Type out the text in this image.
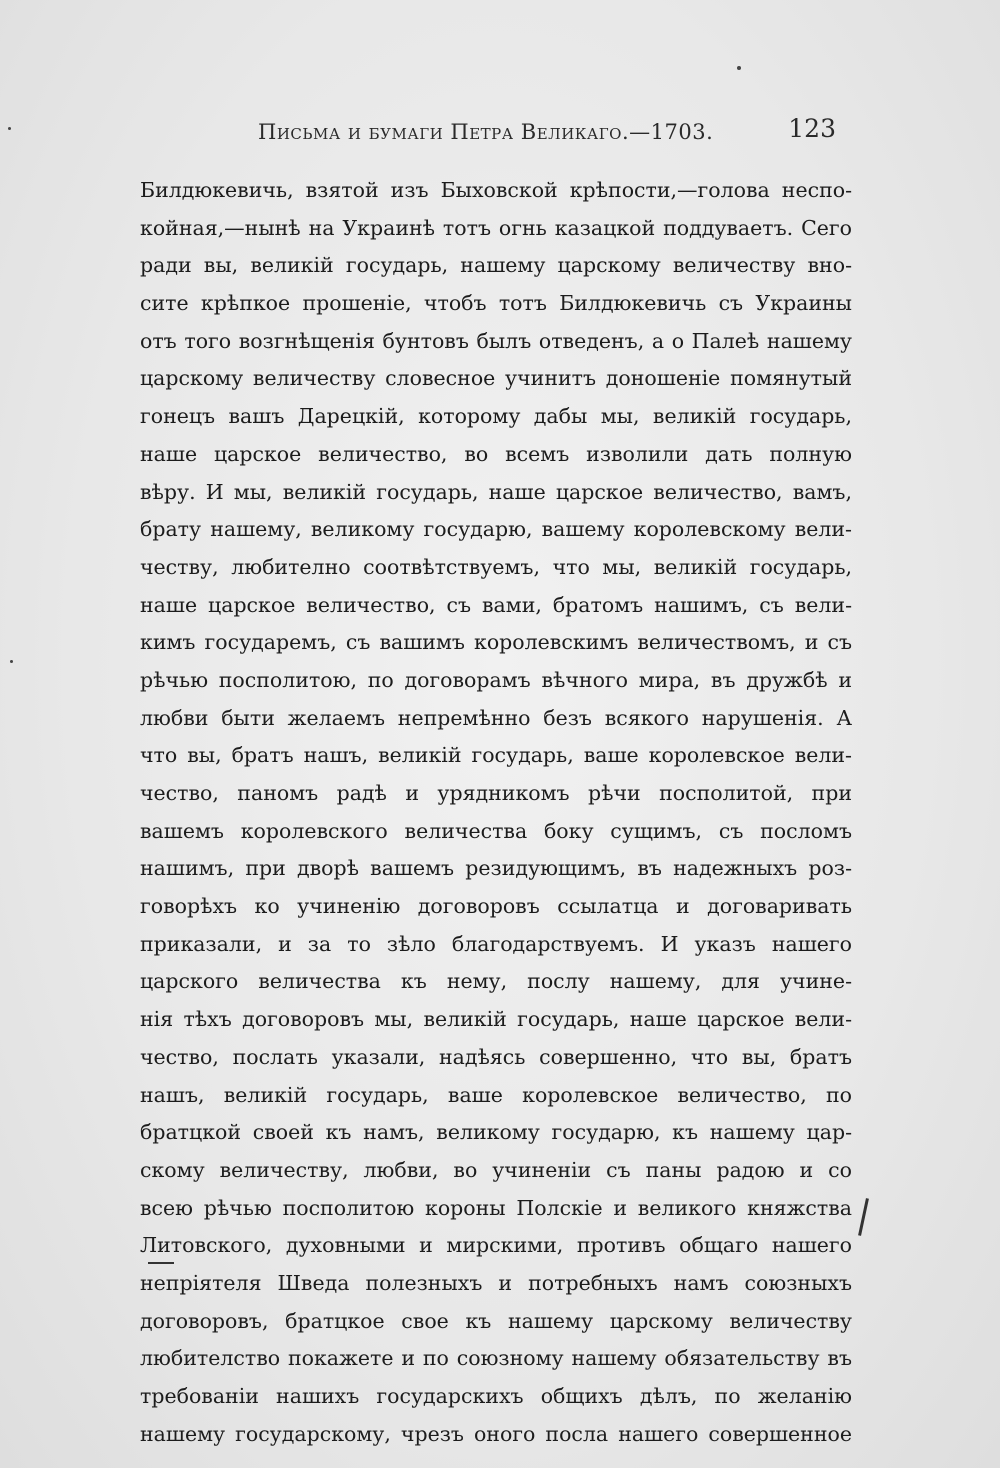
Письма и бумаги Петра Великаго.—1703.	123
Билдюкевичь, взятой изъ Быховской крѣпости,—голова неспо-
койная,—нынѣ на Украинѣ тотъ огнь казацкой поддуваетъ. Сего
ради вы, великій государь, нашему царскому величеству вно-
сите крѣпкое прошеніе, чтобъ тотъ Билдюкевичь съ Украины
отъ того возгнѣщенія бунтовъ былъ отведенъ, а о Палеѣ нашему
царскому величеству словесное учинитъ доношеніе помянутый
гонецъ вашъ Дарецкій, которому дабы мы, великій государь,
наше царское величество, во всемъ изволили дать полную
вѣру. И мы, великій государь, наше царское величество, вамъ,
брату нашему, великому государю, вашему королевскому вели-
честву, любително соотвѣтствуемъ, что мы, великій государь,
наше царское величество, съ вами, братомъ нашимъ, съ вели-
кимъ государемъ, съ вашимъ королевскимъ величествомъ, и съ
рѣчью посполитою, по договорамъ вѣчного мира, въ дружбѣ и
любви быти желаемъ непремѣнно безъ всякого нарушенія. А
что вы, братъ нашъ, великій государь, ваше королевское вели-
чество, паномъ радѣ и урядникомъ рѣчи посполитой, при
вашемъ королевского величества боку сущимъ, съ посломъ
нашимъ, при дворѣ вашемъ резидующимъ, въ надежныхъ роз-
говорѣхъ ко учиненію договоровъ ссылатца и договаривать
приказали, и за то зѣло благодарствуемъ. И указъ нашего
царского величества къ нему, послу нашему, для учине-
нія тѣхъ договоровъ мы, великій государь, наше царское вели-
чество, послать указали, надѣясь совершенно, что вы, братъ
нашъ, великій государь, ваше королевское величество, по
братцкой своей къ намъ, великому государю, къ нашему цар-
скому величеству, любви, во учиненіи съ паны радою и со
всею рѣчью посполитою короны Полскіе и великого княжства
Литовского, духовными и мирскими, противъ общаго нашего
непріятеля Шведа полезныхъ и потребныхъ намъ союзныхъ
договоровъ, братцкое свое къ нашему царскому величеству
любителство покажете и по союзному нашему обязательству въ
требованіи нашихъ государскихъ общихъ дѣлъ, по желанію
нашему государскому, чрезъ оного посла нашего совершенное
